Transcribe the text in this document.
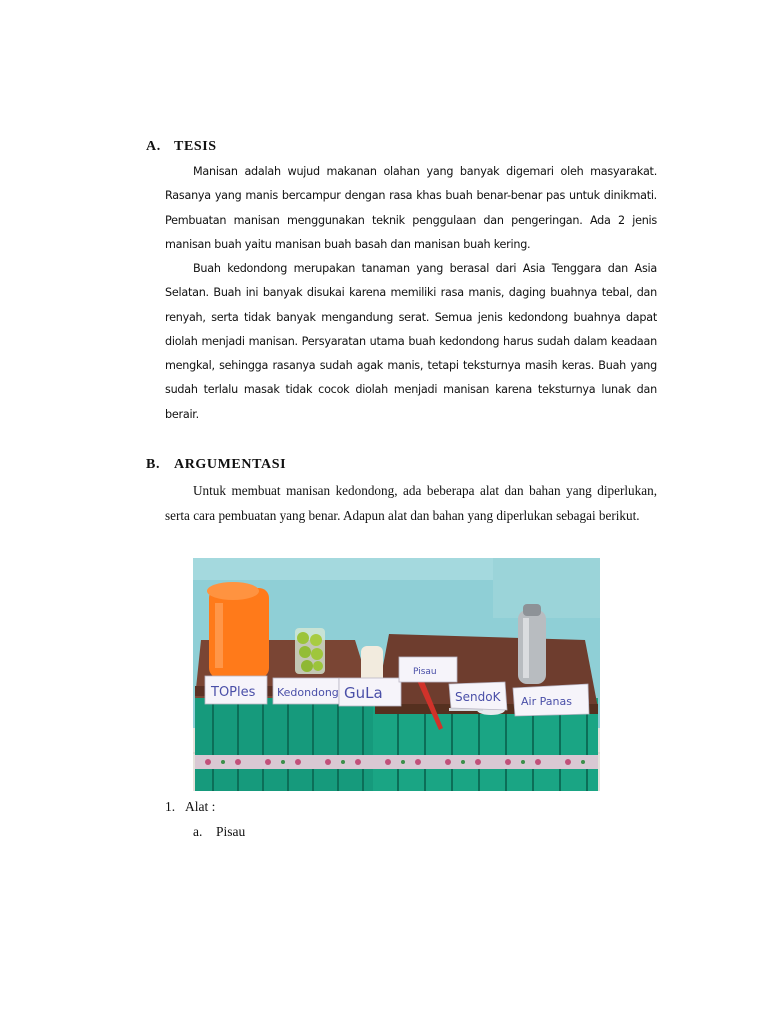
A. TESIS
Manisan adalah wujud makanan olahan yang banyak digemari oleh masyarakat. Rasanya yang manis bercampur dengan rasa khas buah benar-benar pas untuk dinikmati. Pembuatan manisan menggunakan teknik penggulaan dan pengeringan. Ada 2 jenis manisan buah yaitu manisan buah basah dan manisan buah kering.
Buah kedondong merupakan tanaman yang berasal dari Asia Tenggara dan Asia Selatan. Buah ini banyak disukai karena memiliki rasa manis, daging buahnya tebal, dan renyah, serta tidak banyak mengandung serat. Semua jenis kedondong buahnya dapat diolah menjadi manisan. Persyaratan utama buah kedondong harus sudah dalam keadaan mengkal, sehingga rasanya sudah agak manis, tetapi teksturnya masih keras. Buah yang sudah terlalu masak tidak cocok diolah menjadi manisan karena teksturnya lunak dan berair.
B. ARGUMENTASI
Untuk membuat manisan kedondong, ada beberapa alat dan bahan yang diperlukan, serta cara pembuatan yang benar. Adapun alat dan bahan yang diperlukan sebagai berikut.
TOPles Kedondong GuLa
Pisau
SendoK Air Panas
1. Alat :
a. Pisau
